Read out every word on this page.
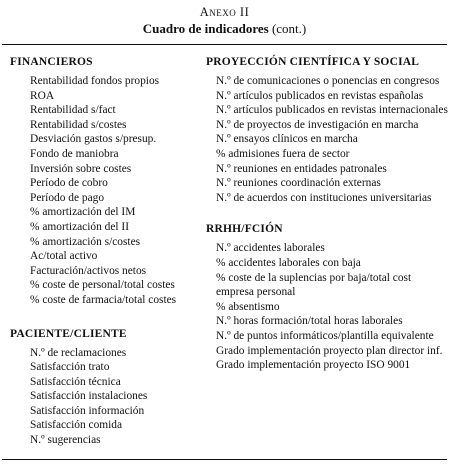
Anexo II
Cuadro de indicadores (cont.)
FINANCIEROS
Rentabilidad fondos propios
ROA
Rentabilidad s/fact
Rentabilidad s/costes
Desviación gastos s/presup.
Fondo de maniobra
Inversión sobre costes
Período de cobro
Período de pago
% amortización del IM
% amortización del II
% amortización s/costes
Ac/total activo
Facturación/activos netos
% coste de personal/total costes
% coste de farmacia/total costes
PACIENTE/CLIENTE
N.º de reclamaciones
Satisfacción trato
Satisfacción técnica
Satisfacción instalaciones
Satisfacción información
Satisfacción comida
N.º sugerencias
PROYECCIÓN CIENTÍFICA Y SOCIAL
N.º de comunicaciones o ponencias en congresos
N.º artículos publicados en revistas españolas
N.º artículos publicados en revistas internacionales
N.º de proyectos de investigación en marcha
N.º ensayos clínicos en marcha
% admisiones fuera de sector
N.º reuniones en entidades patronales
N.º reuniones coordinación externas
N.º de acuerdos con instituciones universitarias
RRHH/FCIÓN
N.º accidentes laborales
% accidentes laborales con baja
% coste de la suplencias por baja/total cost
empresa personal
% absentismo
N.º horas formación/total horas laborales
N.º de puntos informáticos/plantilla equivalente
Grado implementación proyecto plan director inf.
Grado implementación proyecto ISO 9001
